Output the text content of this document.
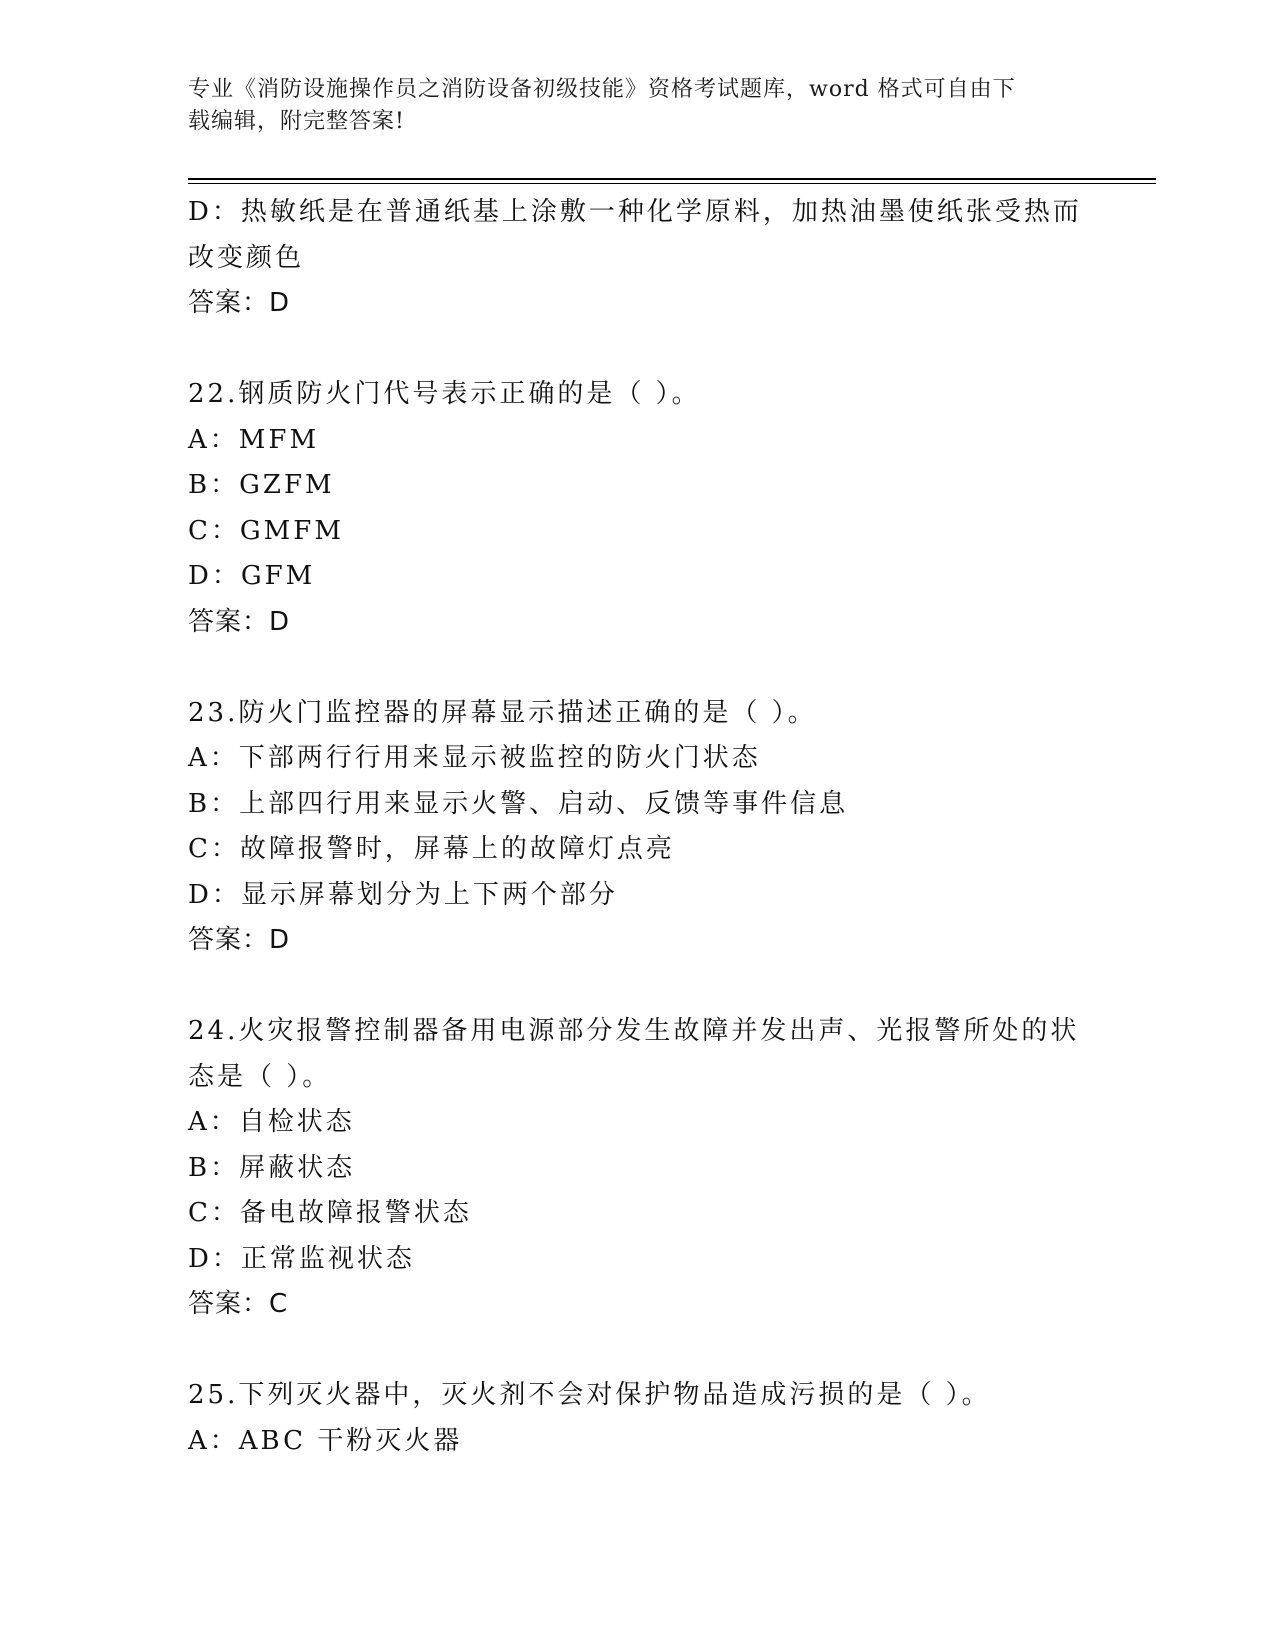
专业《消防设施操作员之消防设备初级技能》资格考试题库，word 格式可自由下
载编辑，附完整答案!
D：热敏纸是在普通纸基上涂敷一种化学原料，加热油墨使纸张受热而
改变颜色
答案：D
22.钢质防火门代号表示正确的是（ ）。
A：MFM
B：GZFM
C：GMFM
D：GFM
答案：D
23.防火门监控器的屏幕显示描述正确的是（ ）。
A：下部两行行用来显示被监控的防火门状态
B：上部四行用来显示火警、启动、反馈等事件信息
C：故障报警时，屏幕上的故障灯点亮
D：显示屏幕划分为上下两个部分
答案：D
24.火灾报警控制器备用电源部分发生故障并发出声、光报警所处的状
态是（ ）。
A：自检状态
B：屏蔽状态
C：备电故障报警状态
D：正常监视状态
答案：C
25.下列灭火器中，灭火剂不会对保护物品造成污损的是（ ）。
A：ABC 干粉灭火器
